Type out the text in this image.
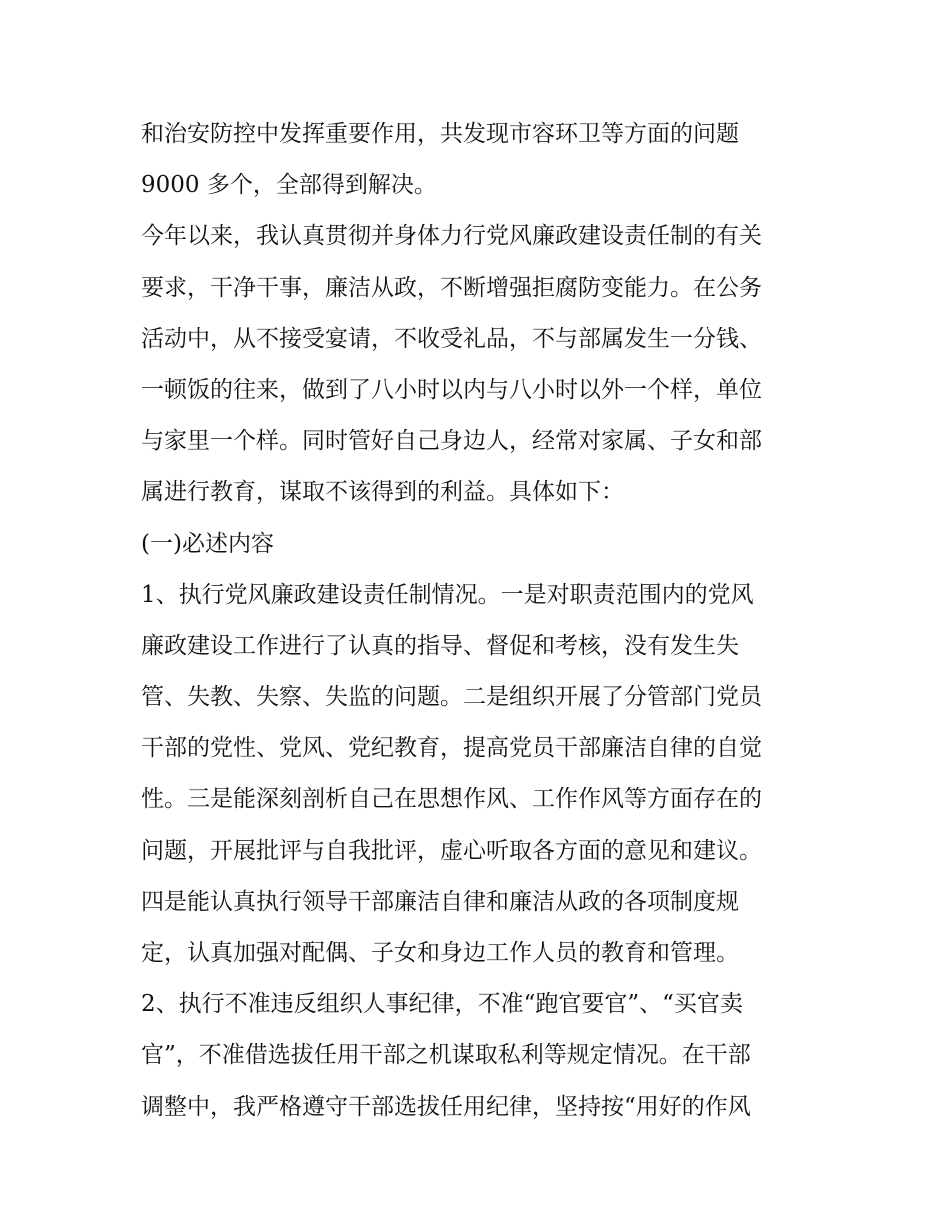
和治安防控中发挥重要作用，共发现市容环卫等方面的问题
9000 多个，全部得到解决。
今年以来，我认真贯彻并身体力行党风廉政建设责任制的有关
要求，干净干事，廉洁从政，不断增强拒腐防变能力。在公务
活动中，从不接受宴请，不收受礼品，不与部属发生一分钱、
一顿饭的往来，做到了八小时以内与八小时以外一个样，单位
与家里一个样。同时管好自己身边人，经常对家属、子女和部
属进行教育，谋取不该得到的利益。具体如下：
(一)必述内容
1、执行党风廉政建设责任制情况。一是对职责范围内的党风
廉政建设工作进行了认真的指导、督促和考核，没有发生失
管、失教、失察、失监的问题。二是组织开展了分管部门党员
干部的党性、党风、党纪教育，提高党员干部廉洁自律的自觉
性。三是能深刻剖析自己在思想作风、工作作风等方面存在的
问题，开展批评与自我批评，虚心听取各方面的意见和建议。
四是能认真执行领导干部廉洁自律和廉洁从政的各项制度规
定，认真加强对配偶、子女和身边工作人员的教育和管理。
2、执行不准违反组织人事纪律，不准“跑官要官”、“买官卖
官”，不准借选拔任用干部之机谋取私利等规定情况。在干部
调整中，我严格遵守干部选拔任用纪律，坚持按“用好的作风
